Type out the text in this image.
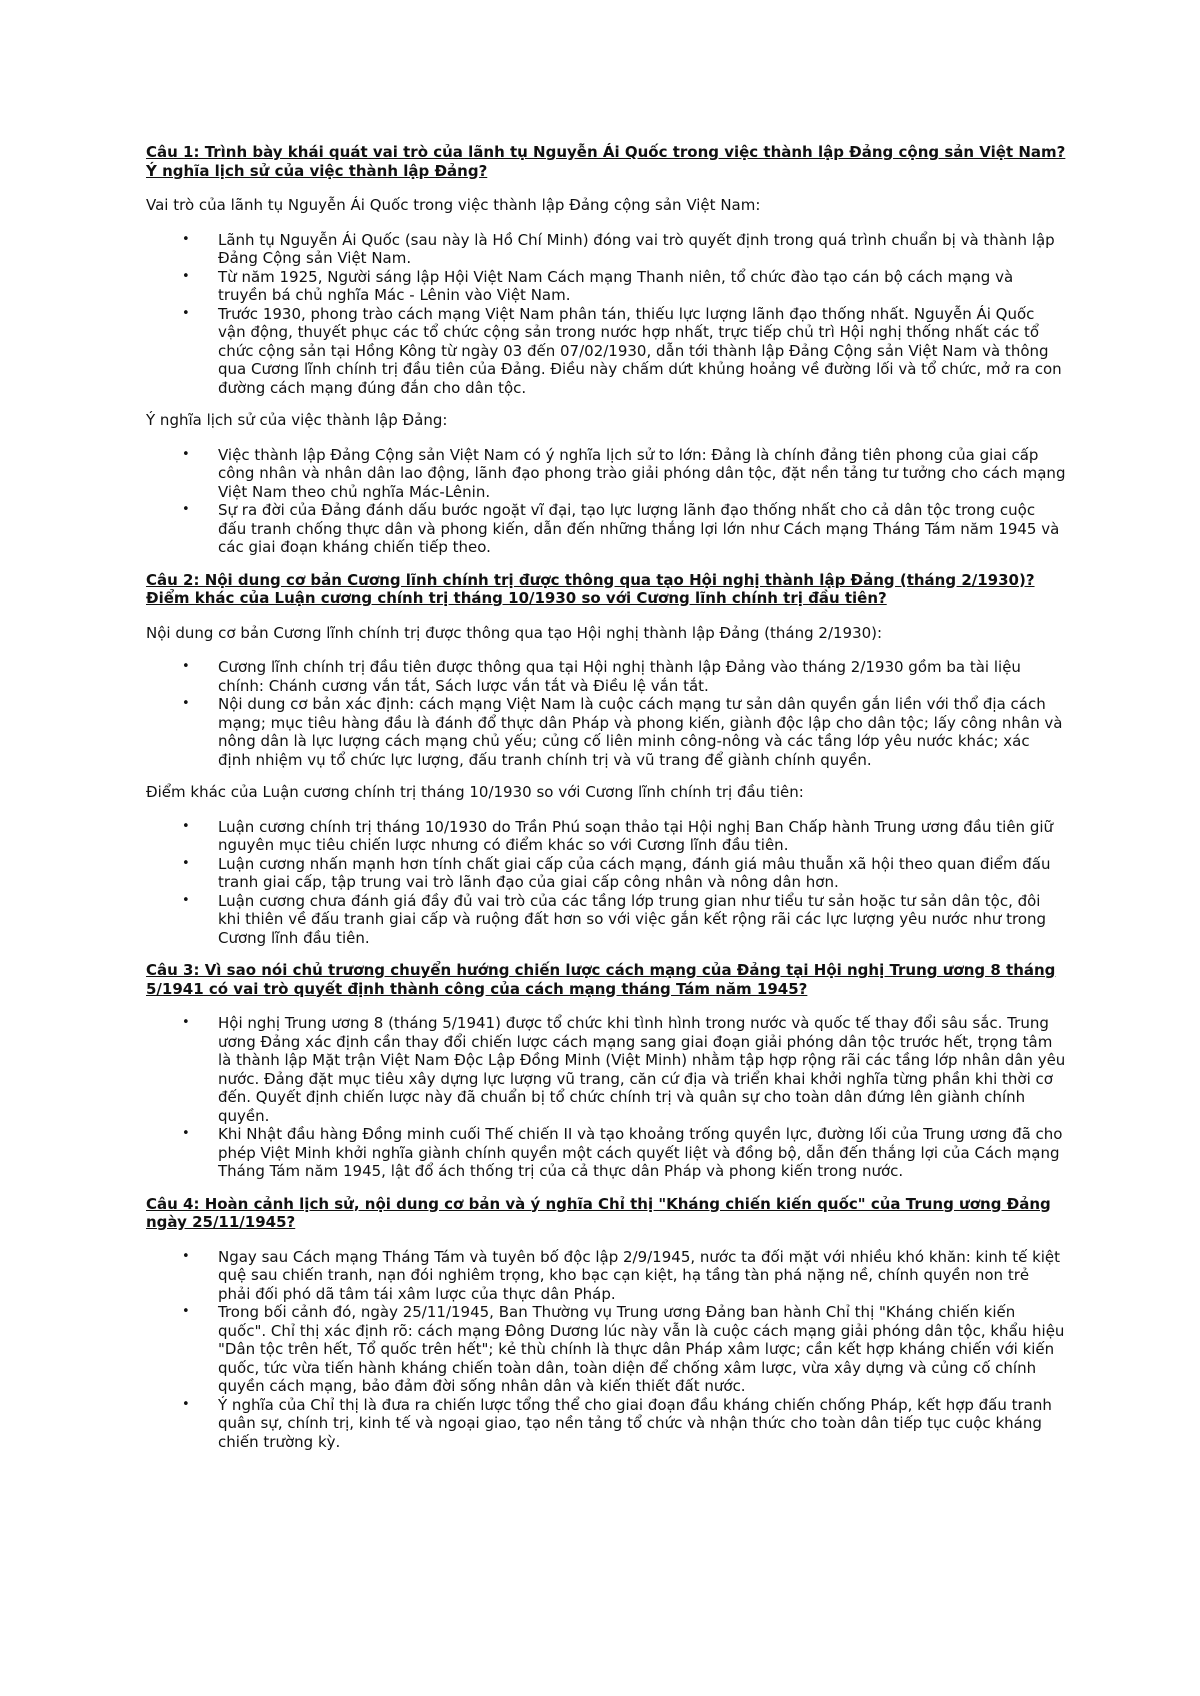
Câu 1: Trình bày khái quát vai trò của lãnh tụ Nguyễn Ái Quốc trong việc thành lập Đảng cộng sản Việt Nam? Ý nghĩa lịch sử của việc thành lập Đảng?

Vai trò của lãnh tụ Nguyễn Ái Quốc trong việc thành lập Đảng cộng sản Việt Nam:

• Lãnh tụ Nguyễn Ái Quốc (sau này là Hồ Chí Minh) đóng vai trò quyết định trong quá trình chuẩn bị và thành lập Đảng Cộng sản Việt Nam.
• Từ năm 1925, Người sáng lập Hội Việt Nam Cách mạng Thanh niên, tổ chức đào tạo cán bộ cách mạng và truyền bá chủ nghĩa Mác - Lênin vào Việt Nam.
• Trước 1930, phong trào cách mạng Việt Nam phân tán, thiếu lực lượng lãnh đạo thống nhất. Nguyễn Ái Quốc vận động, thuyết phục các tổ chức cộng sản trong nước hợp nhất, trực tiếp chủ trì Hội nghị thống nhất các tổ chức cộng sản tại Hồng Kông từ ngày 03 đến 07/02/1930, dẫn tới thành lập Đảng Cộng sản Việt Nam và thông qua Cương lĩnh chính trị đầu tiên của Đảng. Điều này chấm dứt khủng hoảng về đường lối và tổ chức, mở ra con đường cách mạng đúng đắn cho dân tộc.

Ý nghĩa lịch sử của việc thành lập Đảng:

• Việc thành lập Đảng Cộng sản Việt Nam có ý nghĩa lịch sử to lớn: Đảng là chính đảng tiên phong của giai cấp công nhân và nhân dân lao động, lãnh đạo phong trào giải phóng dân tộc, đặt nền tảng tư tưởng cho cách mạng Việt Nam theo chủ nghĩa Mác-Lênin.
• Sự ra đời của Đảng đánh dấu bước ngoặt vĩ đại, tạo lực lượng lãnh đạo thống nhất cho cả dân tộc trong cuộc đấu tranh chống thực dân và phong kiến, dẫn đến những thắng lợi lớn như Cách mạng Tháng Tám năm 1945 và các giai đoạn kháng chiến tiếp theo.

Câu 2: Nội dung cơ bản Cương lĩnh chính trị được thông qua tạo Hội nghị thành lập Đảng (tháng 2/1930)? Điểm khác của Luận cương chính trị tháng 10/1930 so với Cương lĩnh chính trị đầu tiên?

Nội dung cơ bản Cương lĩnh chính trị được thông qua tạo Hội nghị thành lập Đảng (tháng 2/1930):

• Cương lĩnh chính trị đầu tiên được thông qua tại Hội nghị thành lập Đảng vào tháng 2/1930 gồm ba tài liệu chính: Chánh cương vắn tắt, Sách lược vắn tắt và Điều lệ vắn tắt.
• Nội dung cơ bản xác định: cách mạng Việt Nam là cuộc cách mạng tư sản dân quyền gắn liền với thổ địa cách mạng; mục tiêu hàng đầu là đánh đổ thực dân Pháp và phong kiến, giành độc lập cho dân tộc; lấy công nhân và nông dân là lực lượng cách mạng chủ yếu; củng cố liên minh công-nông và các tầng lớp yêu nước khác; xác định nhiệm vụ tổ chức lực lượng, đấu tranh chính trị và vũ trang để giành chính quyền.

Điểm khác của Luận cương chính trị tháng 10/1930 so với Cương lĩnh chính trị đầu tiên:

• Luận cương chính trị tháng 10/1930 do Trần Phú soạn thảo tại Hội nghị Ban Chấp hành Trung ương đầu tiên giữ nguyên mục tiêu chiến lược nhưng có điểm khác so với Cương lĩnh đầu tiên.
• Luận cương nhấn mạnh hơn tính chất giai cấp của cách mạng, đánh giá mâu thuẫn xã hội theo quan điểm đấu tranh giai cấp, tập trung vai trò lãnh đạo của giai cấp công nhân và nông dân hơn.
• Luận cương chưa đánh giá đầy đủ vai trò của các tầng lớp trung gian như tiểu tư sản hoặc tư sản dân tộc, đôi khi thiên về đấu tranh giai cấp và ruộng đất hơn so với việc gắn kết rộng rãi các lực lượng yêu nước như trong Cương lĩnh đầu tiên.

Câu 3: Vì sao nói chủ trương chuyển hướng chiến lược cách mạng của Đảng tại Hội nghị Trung ương 8 tháng 5/1941 có vai trò quyết định thành công của cách mạng tháng Tám năm 1945?

• Hội nghị Trung ương 8 (tháng 5/1941) được tổ chức khi tình hình trong nước và quốc tế thay đổi sâu sắc. Trung ương Đảng xác định cần thay đổi chiến lược cách mạng sang giai đoạn giải phóng dân tộc trước hết, trọng tâm là thành lập Mặt trận Việt Nam Độc Lập Đồng Minh (Việt Minh) nhằm tập hợp rộng rãi các tầng lớp nhân dân yêu nước. Đảng đặt mục tiêu xây dựng lực lượng vũ trang, căn cứ địa và triển khai khởi nghĩa từng phần khi thời cơ đến. Quyết định chiến lược này đã chuẩn bị tổ chức chính trị và quân sự cho toàn dân đứng lên giành chính quyền.
• Khi Nhật đầu hàng Đồng minh cuối Thế chiến II và tạo khoảng trống quyền lực, đường lối của Trung ương đã cho phép Việt Minh khởi nghĩa giành chính quyền một cách quyết liệt và đồng bộ, dẫn đến thắng lợi của Cách mạng Tháng Tám năm 1945, lật đổ ách thống trị của cả thực dân Pháp và phong kiến trong nước.

Câu 4: Hoàn cảnh lịch sử, nội dung cơ bản và ý nghĩa Chỉ thị "Kháng chiến kiến quốc" của Trung ương Đảng ngày 25/11/1945?

• Ngay sau Cách mạng Tháng Tám và tuyên bố độc lập 2/9/1945, nước ta đối mặt với nhiều khó khăn: kinh tế kiệt quệ sau chiến tranh, nạn đói nghiêm trọng, kho bạc cạn kiệt, hạ tầng tàn phá nặng nề, chính quyền non trẻ phải đối phó dã tâm tái xâm lược của thực dân Pháp.
• Trong bối cảnh đó, ngày 25/11/1945, Ban Thường vụ Trung ương Đảng ban hành Chỉ thị "Kháng chiến kiến quốc". Chỉ thị xác định rõ: cách mạng Đông Dương lúc này vẫn là cuộc cách mạng giải phóng dân tộc, khẩu hiệu "Dân tộc trên hết, Tổ quốc trên hết"; kẻ thù chính là thực dân Pháp xâm lược; cần kết hợp kháng chiến với kiến quốc, tức vừa tiến hành kháng chiến toàn dân, toàn diện để chống xâm lược, vừa xây dựng và củng cố chính quyền cách mạng, bảo đảm đời sống nhân dân và kiến thiết đất nước.
• Ý nghĩa của Chỉ thị là đưa ra chiến lược tổng thể cho giai đoạn đầu kháng chiến chống Pháp, kết hợp đấu tranh quân sự, chính trị, kinh tế và ngoại giao, tạo nền tảng tổ chức và nhận thức cho toàn dân tiếp tục cuộc kháng chiến trường kỳ.
